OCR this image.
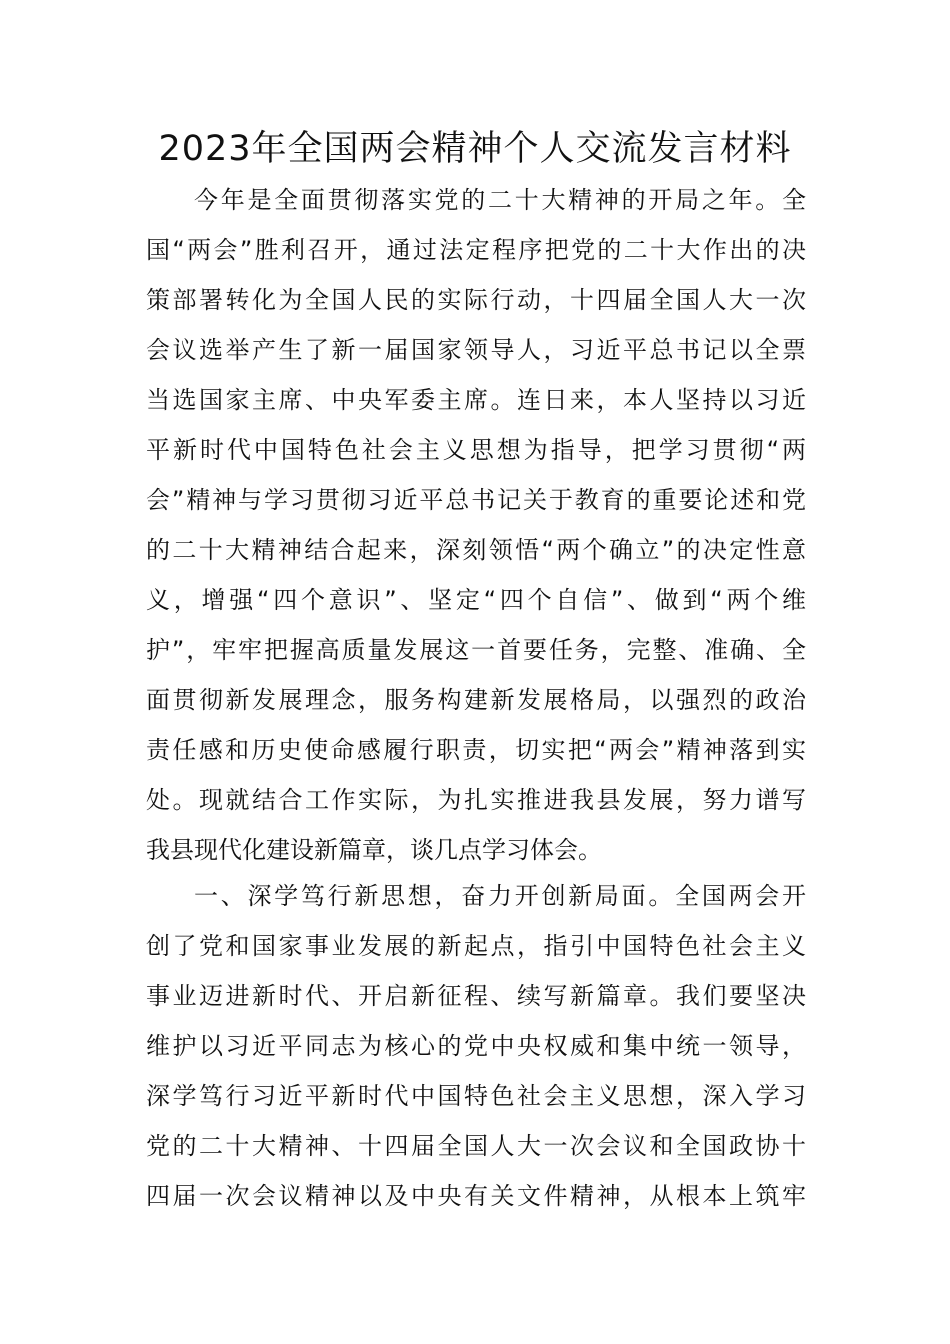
2023年全国两会精神个人交流发言材料
今年是全面贯彻落实党的二十大精神的开局之年。全
国“两会”胜利召开，通过法定程序把党的二十大作出的决
策部署转化为全国人民的实际行动，十四届全国人大一次
会议选举产生了新一届国家领导人，习近平总书记以全票
当选国家主席、中央军委主席。连日来，本人坚持以习近
平新时代中国特色社会主义思想为指导，把学习贯彻“两
会”精神与学习贯彻习近平总书记关于教育的重要论述和党
的二十大精神结合起来，深刻领悟“两个确立”的决定性意
义，增强“四个意识”、坚定“四个自信”、做到“两个维
护”，牢牢把握高质量发展这一首要任务，完整、准确、全
面贯彻新发展理念，服务构建新发展格局，以强烈的政治
责任感和历史使命感履行职责，切实把“两会”精神落到实
处。现就结合工作实际，为扎实推进我县发展，努力谱写
我县现代化建设新篇章，谈几点学习体会。
一、深学笃行新思想，奋力开创新局面。全国两会开
创了党和国家事业发展的新起点，指引中国特色社会主义
事业迈进新时代、开启新征程、续写新篇章。我们要坚决
维护以习近平同志为核心的党中央权威和集中统一领导，
深学笃行习近平新时代中国特色社会主义思想，深入学习
党的二十大精神、十四届全国人大一次会议和全国政协十
四届一次会议精神以及中央有关文件精神，从根本上筑牢
